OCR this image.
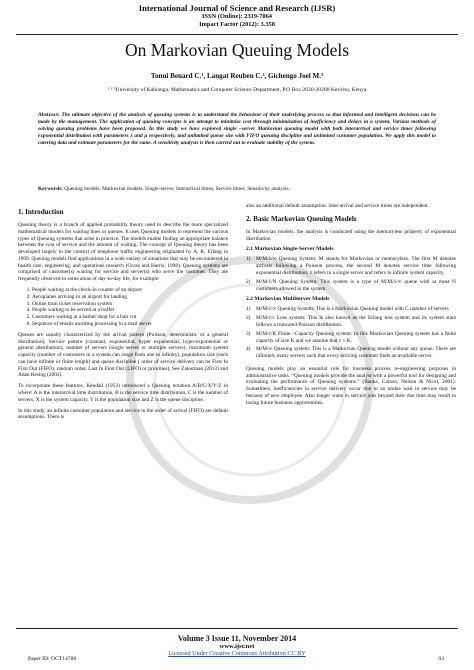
International Journal of Science and Research (IJSR)
ISSN (Online): 2319-7064
Impact Factor (2012): 3.358
On Markovian Queuing Models
Tonui Benard C.¹, Langat Reuben C.², Gichengo Joel M.³
¹ ² ³University of Kabianga, Mathematics and Computer Science Department, P.O Box 2030-20200 Kericho, Kenya
Abstract: The ultimate objective of the analysis of queuing systems is to understand the behaviour of their underlying process so that informed and intelligent decisions can be made by the management. The application of queuing concepts is an attempt to minimize cost through minimization of inefficiency and delays in a system. Various methods of solving queuing problems have been proposed. In this study we have explored single –server Markovian queuing model with both interarrival and service times following exponential distribution with parameters λ and μ respectively, and unlimited queue size with FIFO queuing discipline and unlimited customer population. We apply this model to catering data and estimate parameters for the same. A sensitivity analysis is then carried out to evaluate stability of the system.
Keywords: Queuing models, Markovian models, Single-server, Interarrival times, Service times, Sensitivity analysis.
1. Introduction

Queuing theory is a branch of applied probability theory used to describe the more specialized mathematical models for waiting lines or queues. It uses Queuing models to represent the various types of Queuing systems that arise in practice. The models enable finding an appropriate balance between the cost of service and the amount of waiting. The concept of Queuing theory has been developed largely in the context of telephone traffic engineering originated by A. K. Erlang in 1909. Queuing models find applications in a wide variety of situations that may be encountered in health care, engineering, and operations research (Gross and Harris, 1998). Queuing systems are comprised of customer(s) waiting for service and server(s) who serve the customer. They are frequently observed in some areas of day-to-day life, for example:

1. People waiting at the check-in counter of an airport
2. Aeroplanes arriving in an airport for landing
3. Online train ticket reservation system
4. People waiting to be served at a buffet
5. Customers waiting at a barber shop for a hair cut
6. Sequence of emails awaiting processing in a mail server

Queues are usually characterized by the arrival pattern (Poisson, deterministic or a general distribution), Service pattern (constant, exponential, hyper exponential, hypo-exponential or general distribution), number of servers (single server or multiple servers), maximum system capacity (number of customers in a system can range from one to infinity), population size (each can have infinite or finite length) and queue discipline ( order of service delivery can be First In First Out (FIFO), random order, Last In First Out (LIFO) or priorities), See Zukerman (2013) and Adan Resing (2002).

To incorporate these features, Kendall (1953) introduced a Queuing notation A/B/C/X/Y/Z in where: A is the interarrival time distribution, B is the service time distribution, C is the number of servers, X is the system capacity, Y is the population size and Z is the queue discipline.

In this study, an infinite customer population and service in the order of arrival (FIFO) are default assumptions. There is

also an additional default assumption: inter-arrival and service times are independent.

2. Basic Markovian Queuing Models

In Markovian models, the analysis is conducted using the memoryless property of exponential distribution

2.1 Markovian Single-Server Models
1) M/M/1/∞ Queuing System: M stands for Markovian or memoryless. The first M denotes arrivals following a Poisson process, the second M denotes service time following exponential distribution, 1 refers to a single server and refers to infinite system capacity.
2) M/M/1/N Queuing System: This system is a type of M/M/1/∞ queue with at most N customers allowed in the system.
2.2 Markovian Multiserver Models
1) M/M/c/∞ Queuing System: This is a Markovian Queuing model with C number of servers
2) M/M/c/c Loss system: This is also known as the Erlang loss system and its system state follows a truncated Poisson distribution.
3) M/M/c/K Finite –Capacity Queuing system: In this Markovian Queuing system has a finite capacity of size K and we assume that c ≤ K.
4) M/M/∞ Queuing system: This is a Markovian Queuing model without any queue. There are infinitely many servers such that every arriving customer finds an available server.

Queuing models play an essential role for business process re-engineering purposes in administrative tasks. “Queuing models provide the analyst with a powerful tool for designing and evaluating the performance of Queuing systems.” (Banks, Carson, Nelson & Nicol, 2001). Sometimes, inefficiencies in service delivery occur due to an undue wait in service may be because of new employee. Also longer waits in service jobs beyond their due time may result in losing future business opportunities.

Volume 3 Issue 11, November 2014
www.ijsr.net
Licensed Under Creative Commons Attribution CC BY
Paper ID: OCT14788	93
